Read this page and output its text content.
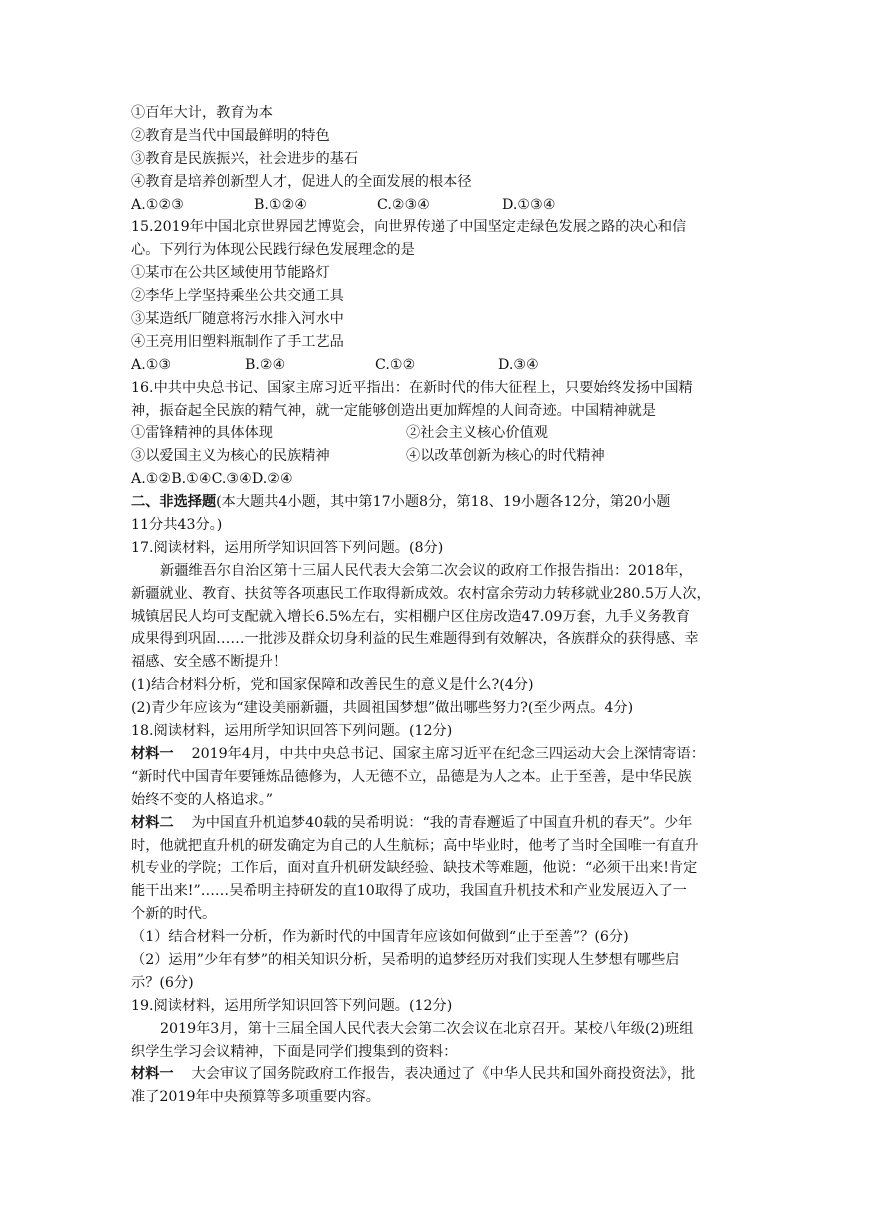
①百年大计，教育为本
②教育是当代中国最鲜明的特色
③教育是民族振兴，社会进步的基石
④教育是培养创新型人才，促进人的全面发展的根本径
A.①②③	B.①②④	C.②③④	D.①③④
15.2019年中国北京世界园艺博览会，向世界传递了中国坚定走绿色发展之路的决心和信
心。下列行为体现公民践行绿色发展理念的是
①某市在公共区域使用节能路灯
②李华上学坚持乘坐公共交通工具
③某造纸厂随意将污水排入河水中
④王亮用旧塑料瓶制作了手工艺品
A.①③	B.②④	C.①②	D.③④
16.中共中央总书记、国家主席习近平指出：在新时代的伟大征程上，只要始终发扬中国精
神，振奋起全民族的精气神，就一定能够创造出更加辉煌的人间奇迹。中国精神就是
①雷锋精神的具体体现	②社会主义核心价值观
③以爱国主义为核心的民族精神	④以改革创新为核心的时代精神
A.①②B.①④C.③④D.②④
二、非选择题(本大题共4小题，其中第17小题8分，第18、19小题各12分，第20小题
11分共43分。)
17.阅读材料，运用所学知识回答下列问题。(8分)
新疆维吾尔自治区第十三届人民代表大会第二次会议的政府工作报告指出：2018年，
新疆就业、教育、扶贫等各项惠民工作取得新成效。农村富余劳动力转移就业280.5万人次，
城镇居民人均可支配就入增长6.5%左右，实相棚户区住房改造47.09万套，九手义务教育
成果得到巩固……一批涉及群众切身利益的民生难题得到有效解决，各族群众的获得感、幸
福感、安全感不断提升！
(1)结合材料分析，党和国家保障和改善民生的意义是什么?(4分)
(2)青少年应该为“建设美丽新疆，共圆祖国梦想”做出哪些努力?(至少两点。4分)
18.阅读材料，运用所学知识回答下列问题。(12分)
材料一 2019年4月，中共中央总书记、国家主席习近平在纪念三四运动大会上深情寄语：
“新时代中国青年要锤炼品德修为，人无德不立，品德是为人之本。止于至善，是中华民族
始终不变的人格追求。”
材料二 为中国直升机追梦40载的吴希明说：“我的青春邂逅了中国直升机的春天”。少年
时，他就把直升机的研发确定为自己的人生航标；高中毕业时，他考了当时全国唯一有直升
机专业的学院；工作后，面对直升机研发缺经验、缺技术等难题，他说：“必须干出来!肯定
能干出来!”……吴希明主持研发的直10取得了成功，我国直升机技术和产业发展迈入了一
个新的时代。
（1）结合材料一分析，作为新时代的中国青年应该如何做到“止于至善”？(6分)
（2）运用”少年有梦”的相关知识分析，吴希明的追梦经历对我们实现人生梦想有哪些启
示？(6分)
19.阅读材料，运用所学知识回答下列问题。(12分)
2019年3月，第十三届全国人民代表大会第二次会议在北京召开。某校八年级(2)班组
织学生学习会议精神，下面是同学们搜集到的资料：
材料一 大会审议了国务院政府工作报告，表决通过了《中华人民共和国外商投资法》，批
准了2019年中央预算等多项重要内容。
